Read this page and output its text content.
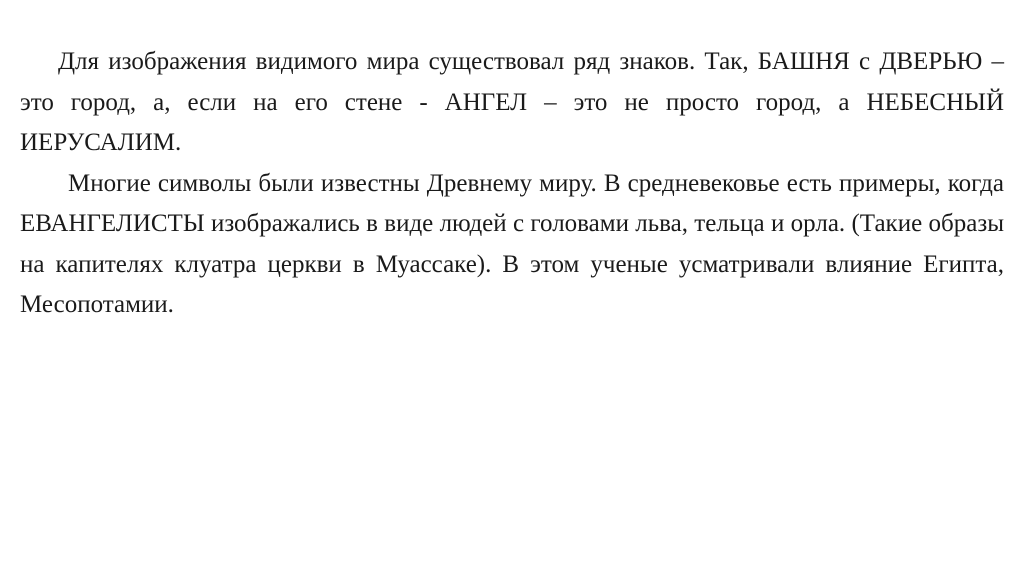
Для изображения видимого мира существовал ряд знаков. Так, БАШНЯ с ДВЕРЬЮ – это город, а, если на его стене - АНГЕЛ – это не просто город, а НЕБЕСНЫЙ ИЕРУСАЛИМ.

Многие символы были известны Древнему миру. В средневековье есть примеры, когда ЕВАНГЕЛИСТЫ изображались в виде людей с головами льва, тельца и орла. (Такие образы на капителях клуатра церкви в Муассаке). В этом ученые усматривали влияние Египта, Месопотамии.
